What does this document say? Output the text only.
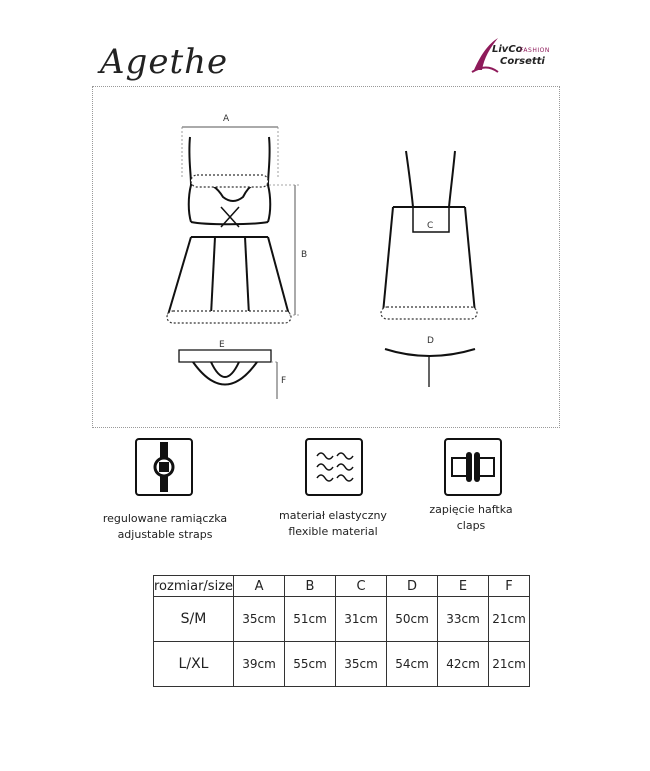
Agethe	LivCo
FASHION
Corsetti
A
B
E
F
C
D
regulowane ramiączka
adjustable straps
materiał elastyczny
flexible material
zapięcie haftka
claps
rozmiar/size	A	B	C	D	E	F
S/M	35cm	51cm	31cm	50cm	33cm	21cm
L/XL	39cm	55cm	35cm	54cm	42cm	21cm
